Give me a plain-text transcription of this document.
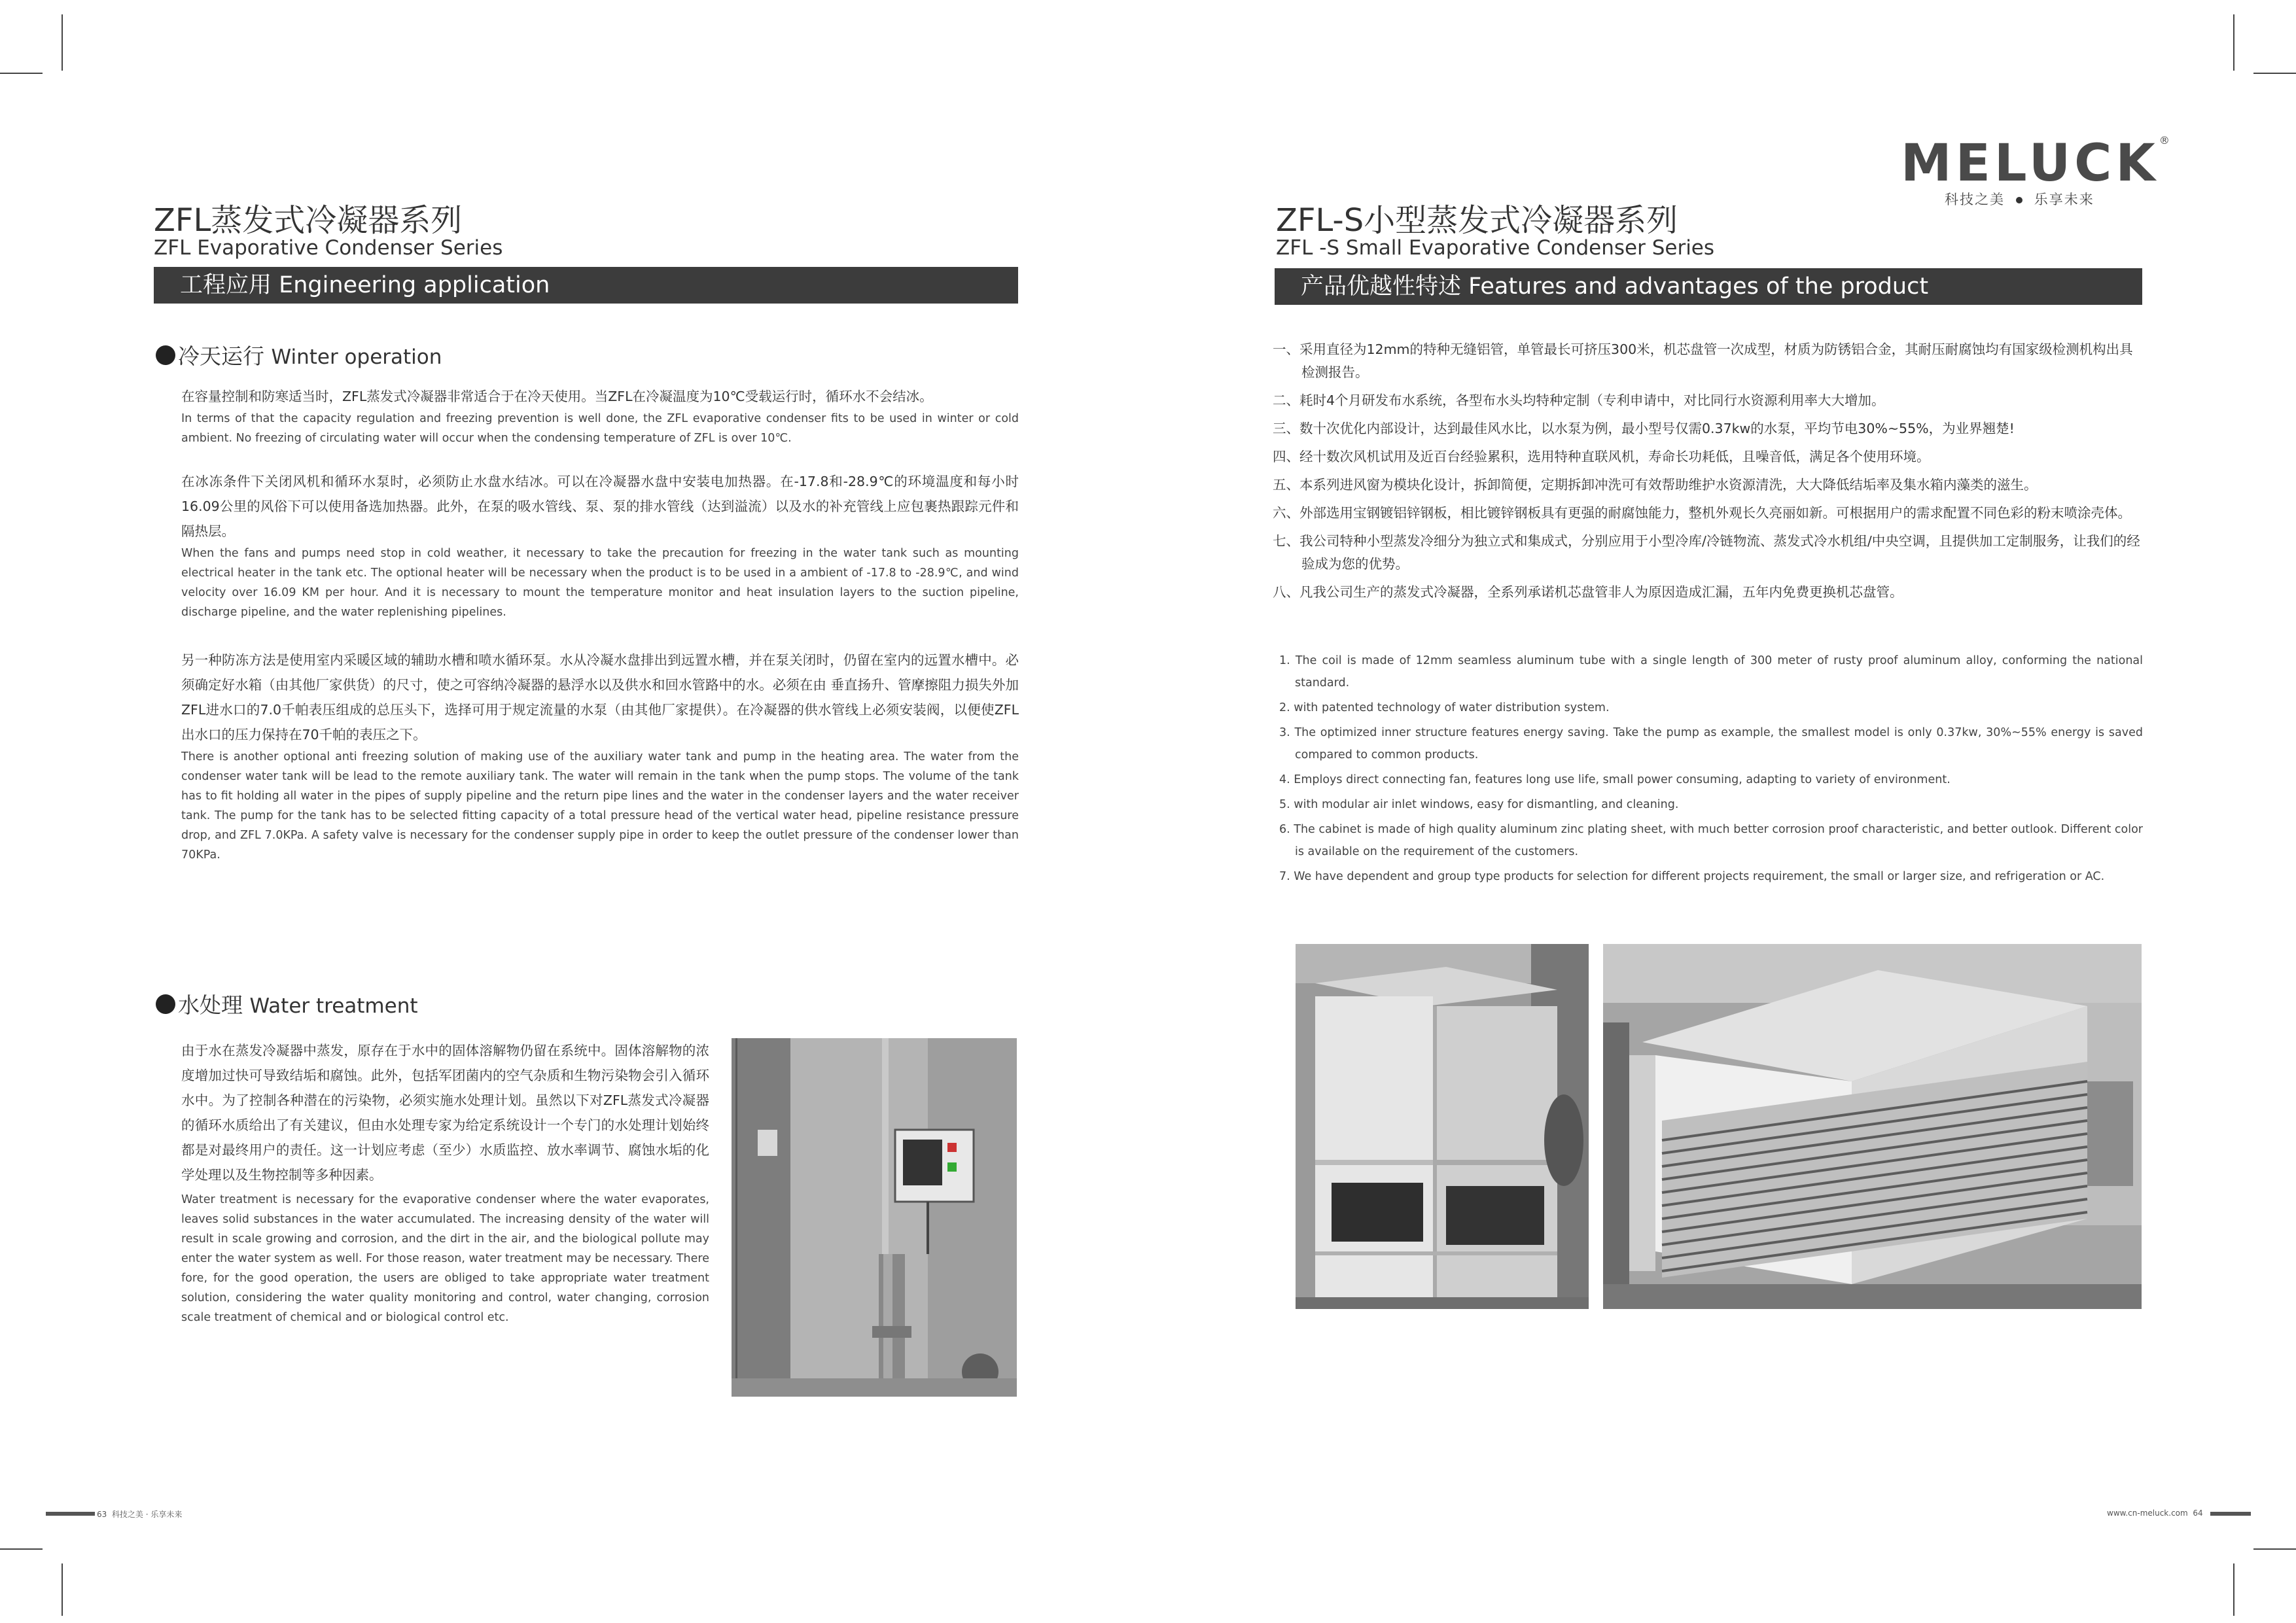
ZFL蒸发式冷凝器系列
ZFL Evaporative Condenser Series
工程应用 Engineering application
冷天运行 Winter operation

在容量控制和防寒适当时，ZFL蒸发式冷凝器非常适合于在冷天使用。当ZFL在冷凝温度为10℃受载运行时，循环水不会结冰。

In terms of that the capacity regulation and freezing prevention is well done, the ZFL evaporative condenser fits to be used in winter or cold ambient. No freezing of circulating water will occur when the condensing temperature of ZFL is over 10℃.

在冰冻条件下关闭风机和循环水泵时，必须防止水盘水结冰。可以在冷凝器水盘中安装电加热器。在-17.8和-28.9℃的环境温度和每小时16.09公里的风俗下可以使用备选加热器。此外，在泵的吸水管线、泵、泵的排水管线（达到溢流）以及水的补充管线上应包裹热跟踪元件和隔热层。

When the fans and pumps need stop in cold weather, it necessary to take the precaution for freezing in the water tank such as mounting electrical heater in the tank etc. The optional heater will be necessary when the product is to be used in a ambient of -17.8 to -28.9℃, and wind velocity over 16.09 KM per hour. And it is necessary to mount the temperature monitor and heat insulation layers to the suction pipeline, discharge pipeline, and the water replenishing pipelines.

另一种防冻方法是使用室内采暖区域的辅助水槽和喷水循环泵。水从冷凝水盘排出到远置水槽，并在泵关闭时，仍留在室内的远置水槽中。必须确定好水箱（由其他厂家供货）的尺寸，使之可容纳冷凝器的悬浮水以及供水和回水管路中的水。必须在由 垂直扬升、管摩擦阻力损失外加ZFL进水口的7.0千帕表压组成的总压头下，选择可用于规定流量的水泵（由其他厂家提供）。在冷凝器的供水管线上必须安装阀，以便使ZFL出水口的压力保持在70千帕的表压之下。

There is another optional anti freezing solution of making use of the auxiliary water tank and pump in the heating area. The water from the condenser water tank will be lead to the remote auxiliary tank. The water will remain in the tank when the pump stops. The volume of the tank has to fit holding all water in the pipes of supply pipeline and the return pipe lines and the water in the condenser layers and the water receiver tank. The pump for the tank has to be selected fitting capacity of a total pressure head of the vertical water head, pipeline resistance pressure drop, and ZFL 7.0KPa. A safety valve is necessary for the condenser supply pipe in order to keep the outlet pressure of the condenser lower than 70KPa.

水处理 Water treatment

由于水在蒸发冷凝器中蒸发，原存在于水中的固体溶解物仍留在系统中。固体溶解物的浓度增加过快可导致结垢和腐蚀。此外，包括军团菌内的空气杂质和生物污染物会引入循环水中。为了控制各种潜在的污染物，必须实施水处理计划。虽然以下对ZFL蒸发式冷凝器的循环水质给出了有关建议，但由水处理专家为给定系统设计一个专门的水处理计划始终都是对最终用户的责任。这一计划应考虑（至少）水质监控、放水率调节、腐蚀水垢的化学处理以及生物控制等多种因素。

Water treatment is necessary for the evaporative condenser where the water evaporates, leaves solid substances in the water accumulated. The increasing density of the water will result in scale growing and corrosion, and the dirt in the air, and the biological pollute may enter the water system as well. For those reason, water treatment may be necessary. There fore, for the good operation, the users are obliged to take appropriate water treatment solution, considering the water quality monitoring and control, water changing, corrosion scale treatment of chemical and or biological control etc.

63 科技之美 · 乐享未来
MELUCK®
科技之美 乐享未来
ZFL-S小型蒸发式冷凝器系列
ZFL -S Small Evaporative Condenser Series
产品优越性特述 Features and advantages of the product
一、采用直径为12mm的特种无缝铝管，单管最长可挤压300米，机芯盘管一次成型，材质为防锈铝合金，其耐压耐腐蚀均有国家级检测机构出具检测报告。
二、耗时4个月研发布水系统，各型布水头均特种定制（专利申请中，对比同行水资源利用率大大增加。
三、数十次优化内部设计，达到最佳风水比，以水泵为例，最小型号仅需0.37kw的水泵，平均节电30%~55%，为业界翘楚!
四、经十数次风机试用及近百台经验累积，选用特种直联风机，寿命长功耗低，且噪音低，满足各个使用环境。
五、本系列进风窗为模块化设计，拆卸简便，定期拆卸冲洗可有效帮助维护水资源清洗，大大降低结垢率及集水箱内藻类的滋生。
六、外部选用宝钢镀铝锌钢板，相比镀锌钢板具有更强的耐腐蚀能力，整机外观长久亮丽如新。可根据用户的需求配置不同色彩的粉末喷涂壳体。
七、我公司特种小型蒸发冷细分为独立式和集成式，分别应用于小型冷库/冷链物流、蒸发式冷水机组/中央空调，且提供加工定制服务，让我们的经验成为您的优势。
八、凡我公司生产的蒸发式冷凝器，全系列承诺机芯盘管非人为原因造成汇漏，五年内免费更换机芯盘管。
1. The coil is made of 12mm seamless aluminum tube with a single length of 300 meter of rusty proof aluminum alloy, conforming the national standard.
2. with patented technology of water distribution system.
3. The optimized inner structure features energy saving. Take the pump as example, the smallest model is only 0.37kw, 30%~55% energy is saved compared to common products.
4. Employs direct connecting fan, features long use life, small power consuming, adapting to variety of environment.
5. with modular air inlet windows, easy for dismantling, and cleaning.
6. The cabinet is made of high quality aluminum zinc plating sheet, with much better corrosion proof characteristic, and better outlook. Different color is available on the requirement of the customers.
7. We have dependent and group type products for selection for different projects requirement, the small or larger size, and refrigeration or AC.
www.cn-meluck.com 64
